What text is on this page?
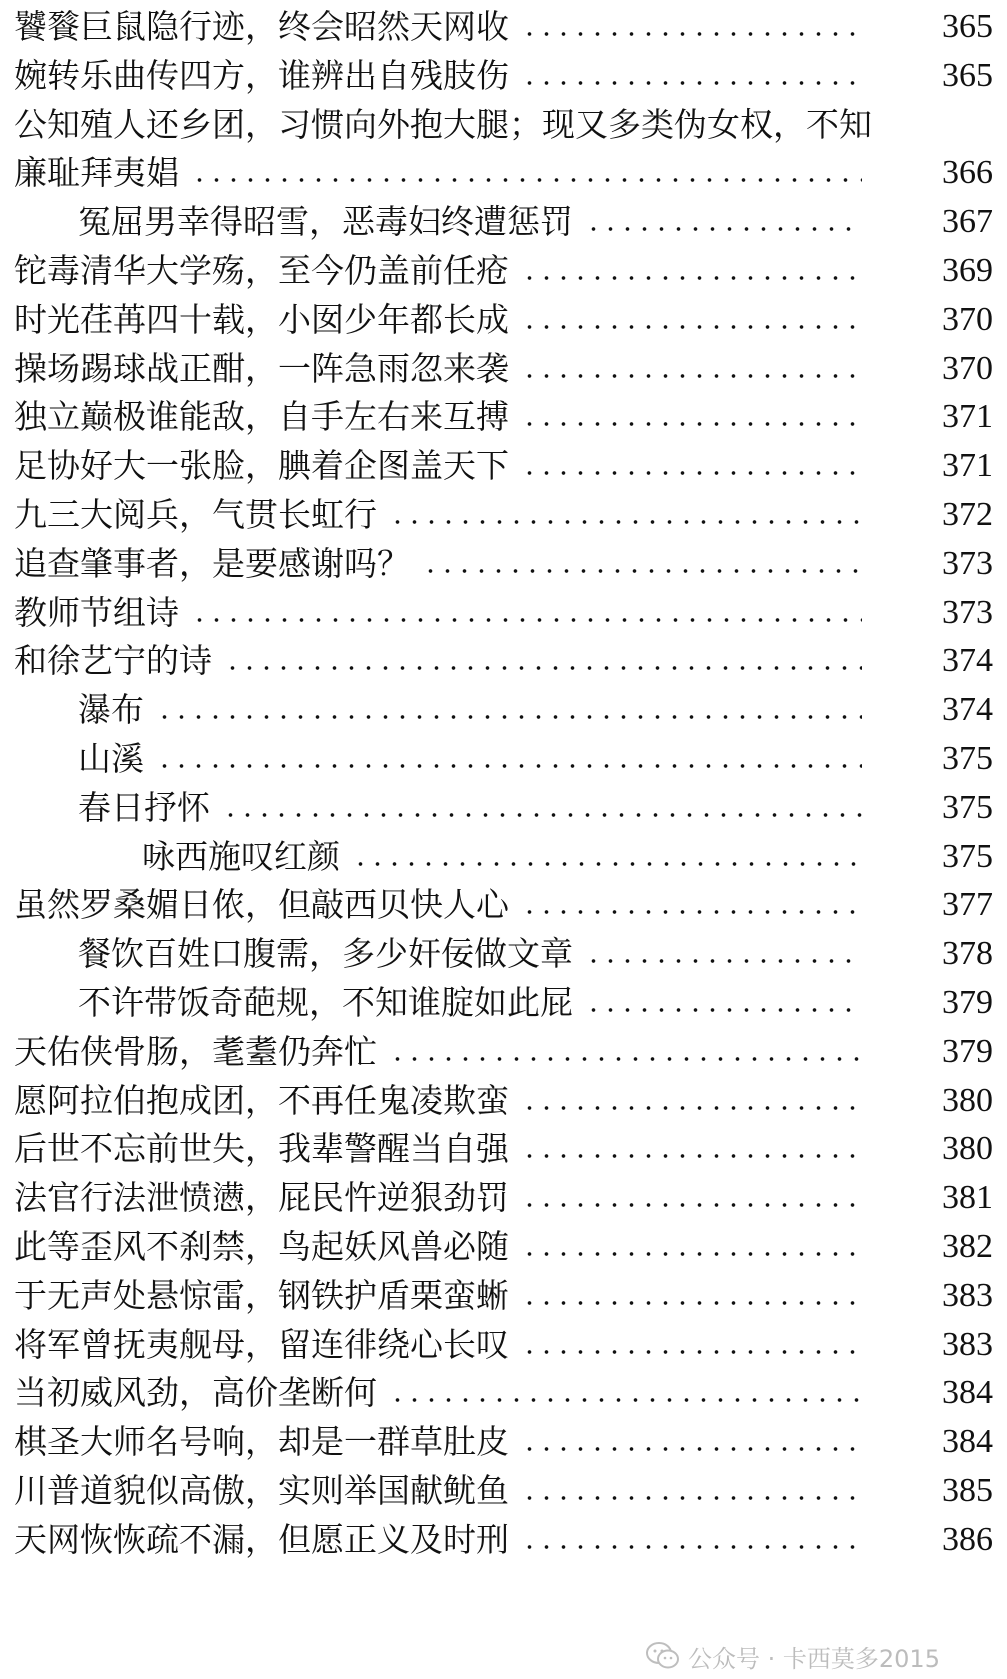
饕餮巨鼠隐行迹，终会昭然天网收	365
婉转乐曲传四方，谁辨出自残肢伤	365
公知殖人还乡团，习惯向外抱大腿；现又多类伪女权，不知
廉耻拜夷娼	366
冤屈男幸得昭雪，恶毒妇终遭惩罚	367
铊毒清华大学殇，至今仍盖前任疮	369
时光荏苒四十载，小囡少年都长成	370
操场踢球战正酣，一阵急雨忽来袭	370
独立巅极谁能敌，自手左右来互搏	371
足协好大一张脸，腆着企图盖天下	371
九三大阅兵，气贯长虹行	372
追查肇事者，是要感谢吗？	373
教师节组诗	373
和徐艺宁的诗	374
瀑布	374
山溪	375
春日抒怀	375
咏西施叹红颜	375
虽然罗桑媚日侬，但敲西贝快人心	377
餐饮百姓口腹需，多少奸佞做文章	378
不许带饭奇葩规，不知谁腚如此屁	379
天佑侠骨肠，耄耋仍奔忙	379
愿阿拉伯抱成团，不再任鬼凌欺蛮	380
后世不忘前世失，我辈警醒当自强	380
法官行法泄愤懑，屁民忤逆狠劲罚	381
此等歪风不刹禁，鸟起妖风兽必随	382
于无声处悬惊雷，钢铁护盾栗蛮蜥	383
将军曾抚夷舰母，留连徘绕心长叹	383
当初威风劲，高价垄断何	384
棋圣大师名号响，却是一群草肚皮	384
川普道貌似高傲，实则举国献鱿鱼	385
天网恢恢疏不漏，但愿正义及时刑	386
公众号 · 卡西莫多2015
